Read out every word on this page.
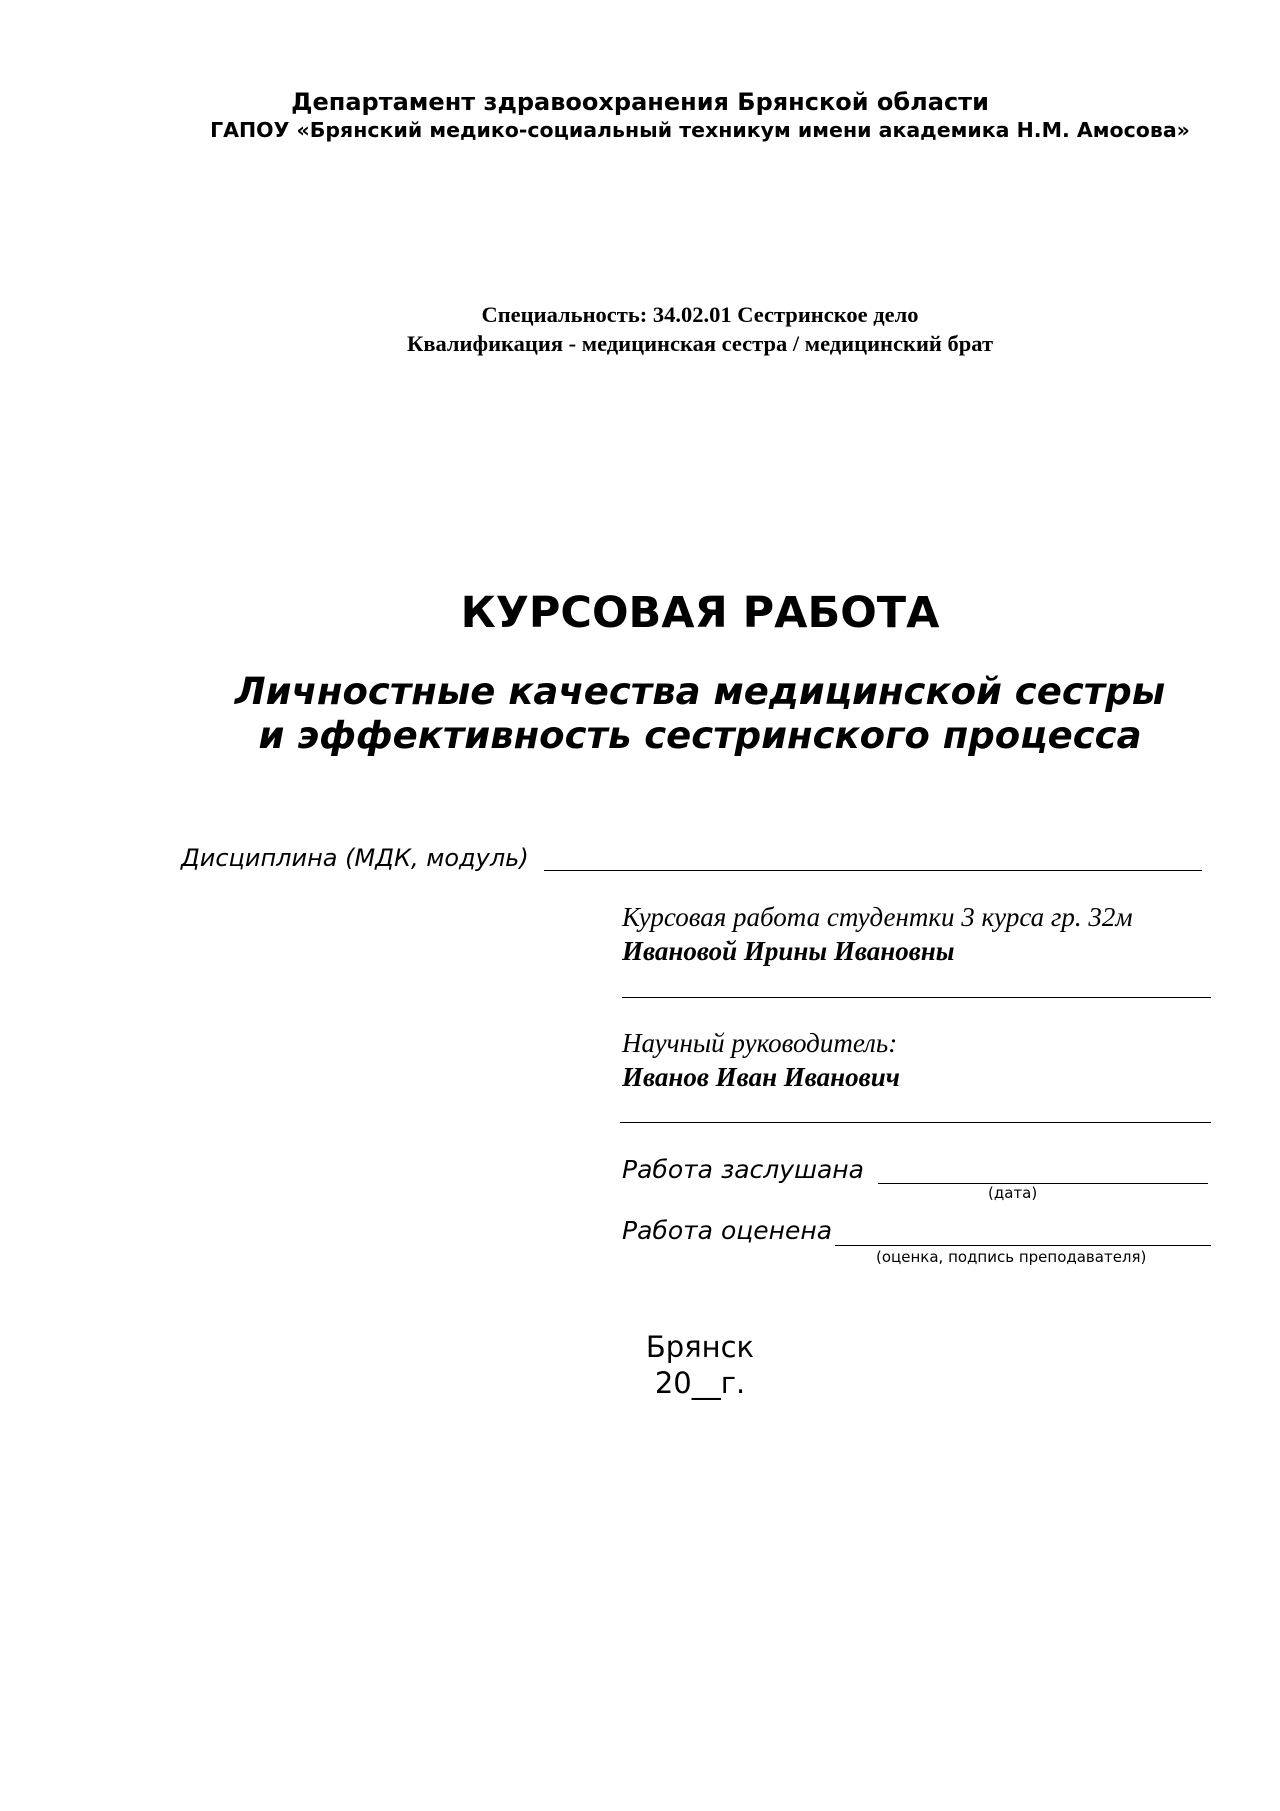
Департамент здравоохранения Брянской области
ГАПОУ «Брянский медико-социальный техникум имени академика Н.М. Амосова»
Специальность: 34.02.01 Сестринское дело
Квалификация - медицинская сестра / медицинский брат
КУРСОВАЯ РАБОТА
Личностные качества медицинской сестры
и эффективность сестринского процесса
Дисциплина (МДК, модуль)
Курсовая работа студентки 3 курса гр. 32м
Ивановой Ирины Ивановны
Научный руководитель:
Иванов Иван Иванович
Работа заслушана
(дата)
Работа оценена
(оценка, подпись преподавателя)
Брянск
20__г.
